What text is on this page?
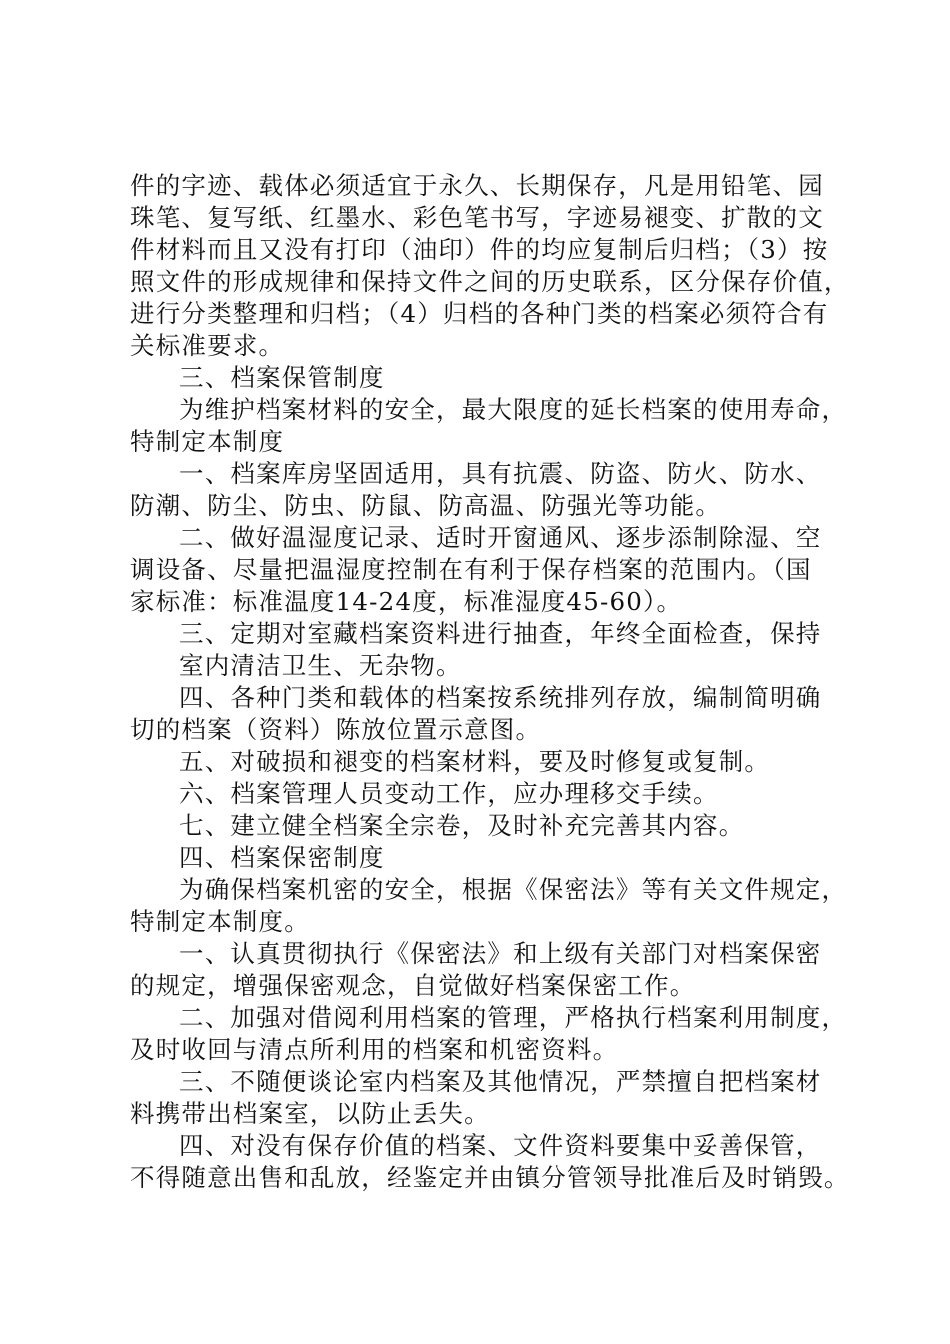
件的字迹、载体必须适宜于永久、长期保存，凡是用铅笔、园
珠笔、复写纸、红墨水、彩色笔书写，字迹易褪变、扩散的文
件材料而且又没有打印（油印）件的均应复制后归档；（3）按
照文件的形成规律和保持文件之间的历史联系，区分保存价值，
进行分类整理和归档；（4）归档的各种门类的档案必须符合有
关标准要求。
三、档案保管制度
为维护档案材料的安全，最大限度的延长档案的使用寿命，
特制定本制度
一、档案库房坚固适用，具有抗震、防盗、防火、防水、
防潮、防尘、防虫、防鼠、防高温、防强光等功能。
二、做好温湿度记录、适时开窗通风、逐步添制除湿、空
调设备、尽量把温湿度控制在有利于保存档案的范围内。（国
家标准：标准温度14-24度，标准湿度45-60）。
三、定期对室藏档案资料进行抽查，年终全面检查，保持
室内清洁卫生、无杂物。
四、各种门类和载体的档案按系统排列存放，编制简明确
切的档案（资料）陈放位置示意图。
五、对破损和褪变的档案材料，要及时修复或复制。
六、档案管理人员变动工作，应办理移交手续。
七、建立健全档案全宗卷，及时补充完善其内容。
四、档案保密制度
为确保档案机密的安全，根据《保密法》等有关文件规定，
特制定本制度。
一、认真贯彻执行《保密法》和上级有关部门对档案保密
的规定，增强保密观念，自觉做好档案保密工作。
二、加强对借阅利用档案的管理，严格执行档案利用制度，
及时收回与清点所利用的档案和机密资料。
三、不随便谈论室内档案及其他情况，严禁擅自把档案材
料携带出档案室，以防止丢失。
四、对没有保存价值的档案、文件资料要集中妥善保管，
不得随意出售和乱放，经鉴定并由镇分管领导批准后及时销毁。
